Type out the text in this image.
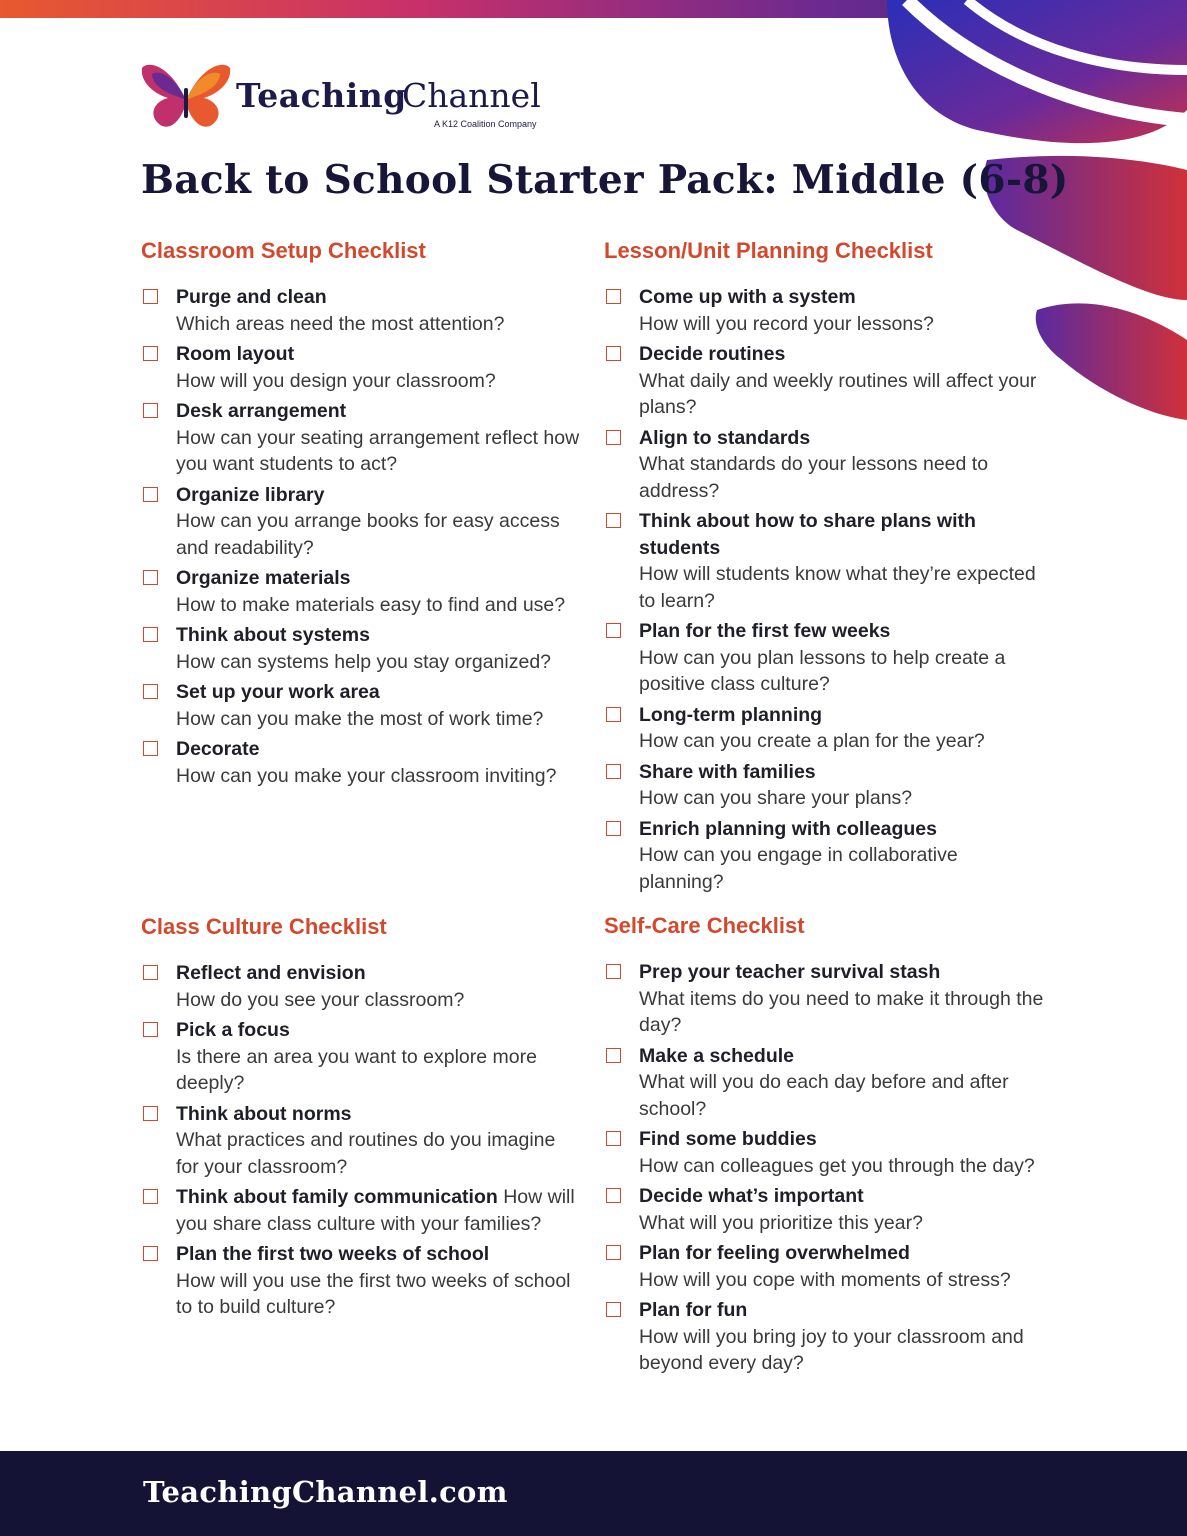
Teaching
Channel
A K12 Coalition Company
Back to School Starter Pack: Middle (6-8)
Classroom Setup Checklist
Purge and clean
Which areas need the most attention?
Room layout
How will you design your classroom?
Desk arrangement
How can your seating arrangement reflect how you want students to act?
Organize library
How can you arrange books for easy access and readability?
Organize materials
How to make materials easy to find and use?
Think about systems
How can systems help you stay organized?
Set up your work area
How can you make the most of work time?
Decorate
How can you make your classroom inviting?
Lesson/Unit Planning Checklist
Come up with a system
How will you record your lessons?
Decide routines
What daily and weekly routines will affect your plans?
Align to standards
What standards do your lessons need to address?
Think about how to share plans with students
How will students know what they’re expected to learn?
Plan for the first few weeks
How can you plan lessons to help create a positive class culture?
Long-term planning
How can you create a plan for the year?
Share with families
How can you share your plans?
Enrich planning with colleagues
How can you engage in collaborative planning?
Class Culture Checklist
Reflect and envision
How do you see your classroom?
Pick a focus
Is there an area you want to explore more deeply?
Think about norms
What practices and routines do you imagine for your classroom?
Think about family communication How will you share class culture with your families?
Plan the first two weeks of school
How will you use the first two weeks of school to to build culture?
Self-Care Checklist
Prep your teacher survival stash
What items do you need to make it through the day?
Make a schedule
What will you do each day before and after school?
Find some buddies
How can colleagues get you through the day?
Decide what’s important
What will you prioritize this year?
Plan for feeling overwhelmed
How will you cope with moments of stress?
Plan for fun
How will you bring joy to your classroom and beyond every day?
TeachingChannel.com
